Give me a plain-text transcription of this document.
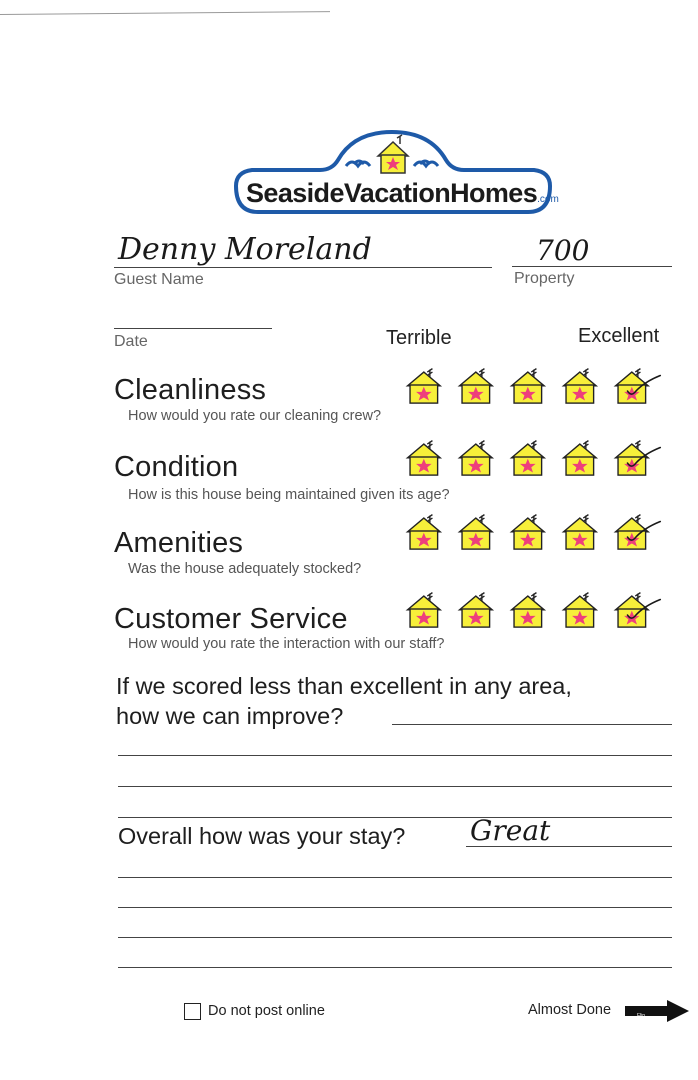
SeasideVacationHomes.com
Denny Moreland
Guest Name
700
Property
Date	Terrible	Excellent
Cleanliness
How would you rate our cleaning crew?
Condition
How is this house being maintained given its age?
Amenities
Was the house adequately stocked?
Customer Service
How would you rate the interaction with our staff?
If we scored less than excellent in any area,
how we can improve?
Overall how was your stay? Great
Do not post online	Almost Done	Flip
